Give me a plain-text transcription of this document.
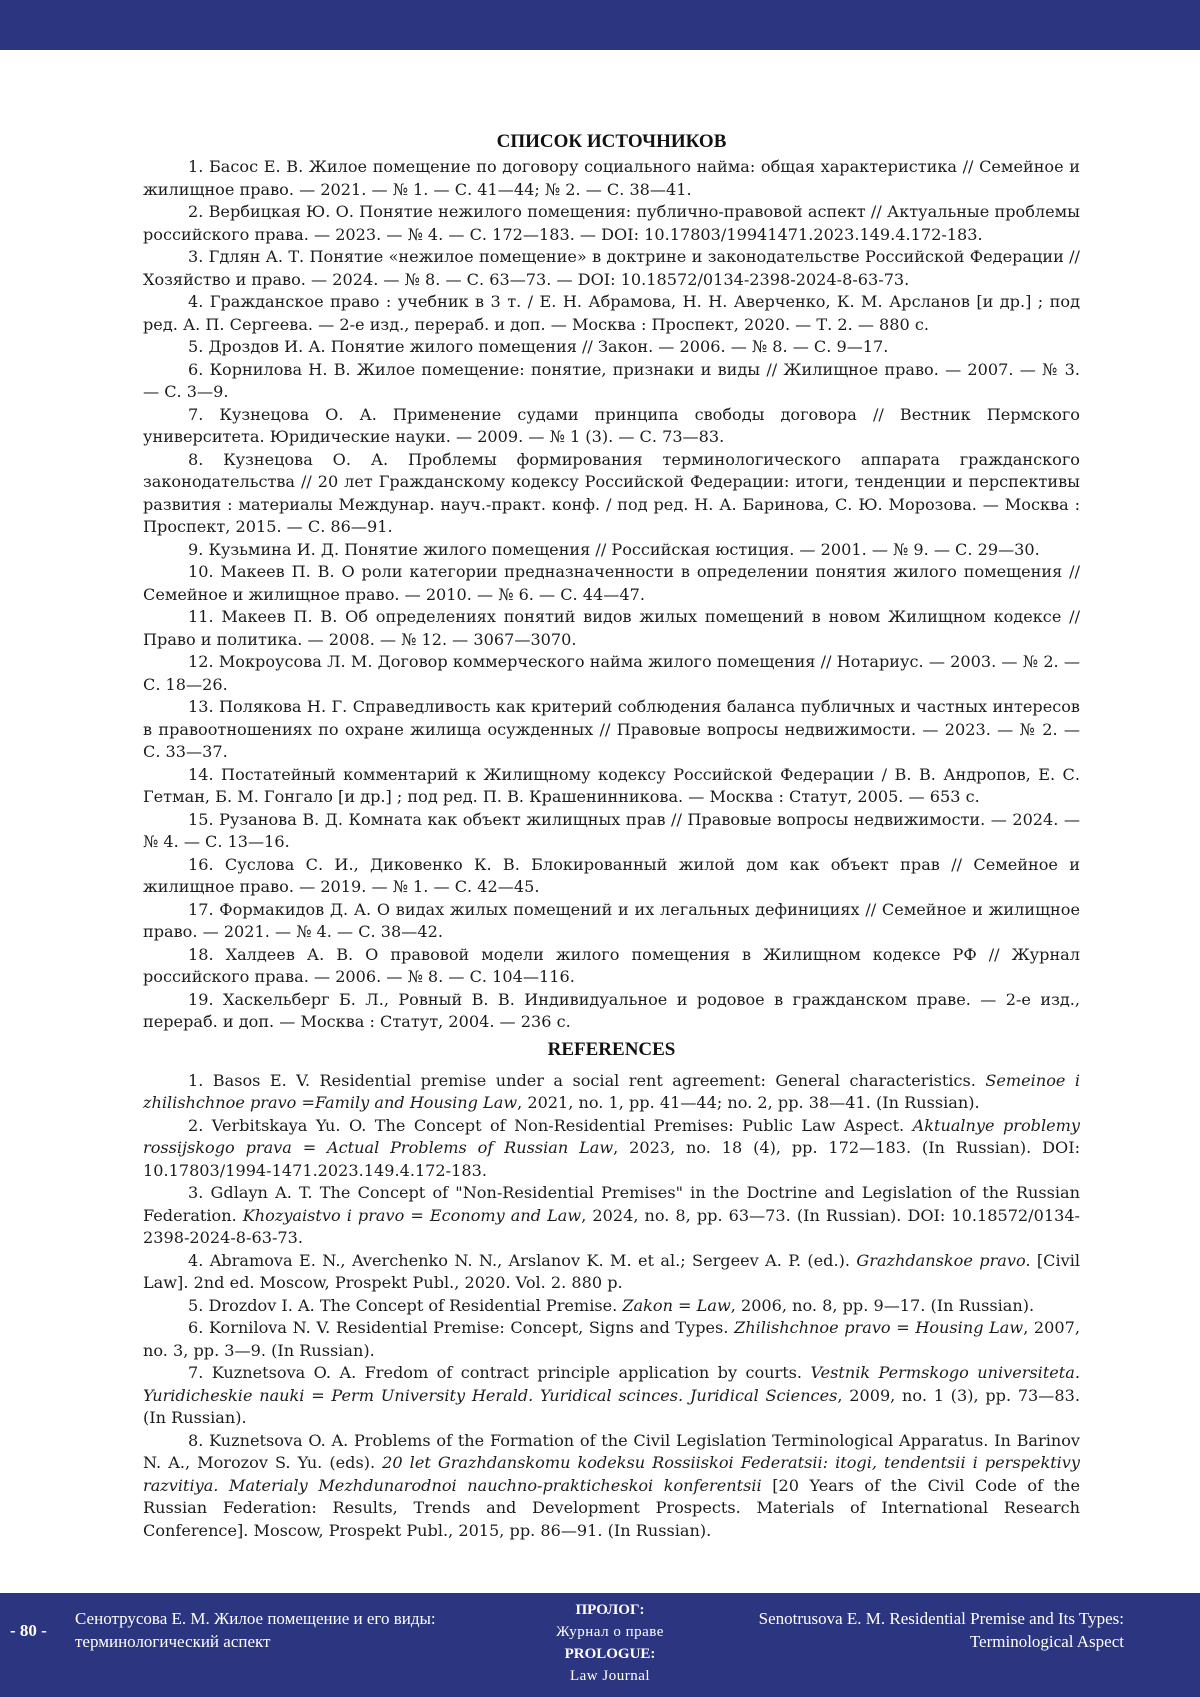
СПИСОК ИСТОЧНИКОВ

1. Басос Е. В. Жилое помещение по договору социального найма: общая характеристика // Семейное и жилищное право. — 2021. — № 1. — С. 41—44; № 2. — С. 38—41.

2. Вербицкая Ю. О. Понятие нежилого помещения: публично-правовой аспект // Актуальные проблемы российского права. — 2023. — № 4. — С. 172—183. — DOI: 10.17803/19941471.2023.149.4.172-183.

3. Гдлян А. Т. Понятие «нежилое помещение» в доктрине и законодательстве Российской Федерации // Хозяйство и право. — 2024. — № 8. — С. 63—73. — DOI: 10.18572/0134-2398-2024-8-63-73.

4. Гражданское право : учебник в 3 т. / Е. Н. Абрамова, Н. Н. Аверченко, К. М. Арсланов [и др.] ; под ред. А. П. Сергеева. — 2-е изд., перераб. и доп. — Москва : Проспект, 2020. — Т. 2. — 880 с.

5. Дроздов И. А. Понятие жилого помещения // Закон. — 2006. — № 8. — С. 9—17.

6. Корнилова Н. В. Жилое помещение: понятие, признаки и виды // Жилищное право. — 2007. — № 3. — С. 3—9.

7. Кузнецова О. А. Применение судами принципа свободы договора // Вестник Пермского университета. Юридические науки. — 2009. — № 1 (3). — С. 73—83.

8. Кузнецова О. А. Проблемы формирования терминологического аппарата гражданского законодательства // 20 лет Гражданскому кодексу Российской Федерации: итоги, тенденции и перспективы развития : материалы Междунар. науч.-практ. конф. / под ред. Н. А. Баринова, С. Ю. Морозова. — Москва : Проспект, 2015. — С. 86—91.

9. Кузьмина И. Д. Понятие жилого помещения // Российская юстиция. — 2001. — № 9. — С. 29—30.

10. Макеев П. В. О роли категории предназначенности в определении понятия жилого помещения // Семейное и жилищное право. — 2010. — № 6. — С. 44—47.

11. Макеев П. В. Об определениях понятий видов жилых помещений в новом Жилищном кодексе // Право и политика. — 2008. — № 12. — 3067—3070.

12. Мокроусова Л. М. Договор коммерческого найма жилого помещения // Нотариус. — 2003. — № 2. — С. 18—26.

13. Полякова Н. Г. Справедливость как критерий соблюдения баланса публичных и частных интересов в правоотношениях по охране жилища осужденных // Правовые вопросы недвижимости. — 2023. — № 2. — С. 33—37.

14. Постатейный комментарий к Жилищному кодексу Российской Федерации / В. В. Андропов, Е. С. Гетман, Б. М. Гонгало [и др.] ; под ред. П. В. Крашенинникова. — Москва : Статут, 2005. — 653 с.

15. Рузанова В. Д. Комната как объект жилищных прав // Правовые вопросы недвижимости. — 2024. — № 4. — С. 13—16.

16. Суслова С. И., Диковенко К. В. Блокированный жилой дом как объект прав // Семейное и жилищное право. — 2019. — № 1. — С. 42—45.

17. Формакидов Д. А. О видах жилых помещений и их легальных дефинициях // Семейное и жилищное право. — 2021. — № 4. — С. 38—42.

18. Халдеев А. В. О правовой модели жилого помещения в Жилищном кодексе РФ // Журнал российского права. — 2006. — № 8. — С. 104—116.

19. Хаскельберг Б. Л., Ровный В. В. Индивидуальное и родовое в гражданском праве. — 2-е изд., перераб. и доп. — Москва : Статут, 2004. — 236 с.

REFERENCES

1. Basos E. V. Residential premise under a social rent agreement: General characteristics. Semeinoe i zhilishchnoe pravo =Family and Housing Law, 2021, no. 1, pp. 41—44; no. 2, pp. 38—41. (In Russian).

2. Verbitskaya Yu. O. The Concept of Non-Residential Premises: Public Law Aspect. Aktualnye problemy rossijskogo prava = Actual Problems of Russian Law, 2023, no. 18 (4), pp. 172—183. (In Russian). DOI: 10.17803/1994-1471.2023.149.4.172-183.

3. Gdlayn A. T. The Concept of "Non-Residential Premises" in the Doctrine and Legislation of the Russian Federation. Khozyaistvo i pravo = Economy and Law, 2024, no. 8, pp. 63—73. (In Russian). DOI: 10.18572/0134-2398-2024-8-63-73.

4. Abramova E. N., Averchenko N. N., Arslanov K. M. et al.; Sergeev A. P. (ed.). Grazhdanskoe pravo. [Civil Law]. 2nd ed. Moscow, Prospekt Publ., 2020. Vol. 2. 880 p.

5. Drozdov I. A. The Concept of Residential Premise. Zakon = Law, 2006, no. 8, pp. 9—17. (In Russian).

6. Kornilova N. V. Residential Premise: Concept, Signs and Types. Zhilishchnoe pravo = Housing Law, 2007, no. 3, pp. 3—9. (In Russian).

7. Kuznetsova O. A. Fredom of contract principle application by courts. Vestnik Permskogo universiteta. Yuridicheskie nauki = Perm University Herald. Yuridical scinces. Juridical Sciences, 2009, no. 1 (3), pp. 73—83. (In Russian).

8. Kuznetsova O. A. Problems of the Formation of the Civil Legislation Terminological Apparatus. In Barinov N. A., Morozov S. Yu. (eds). 20 let Grazhdanskomu kodeksu Rossiiskoi Federatsii: itogi, tendentsii i perspektivy razvitiya. Materialy Mezhdunarodnoi nauchno-prakticheskoi konferentsii [20 Years of the Civil Code of the Russian Federation: Results, Trends and Development Prospects. Materials of International Research Conference]. Moscow, Prospekt Publ., 2015, pp. 86—91. (In Russian).

- 80 -
Сенотрусова Е. М. Жилое помещение и его виды:
терминологический аспект
ПРОЛОГ:
Журнал о праве
PROLOGUE:
Law Journal
Senotrusova E. M. Residential Premise and Its Types:
Terminological Aspect
